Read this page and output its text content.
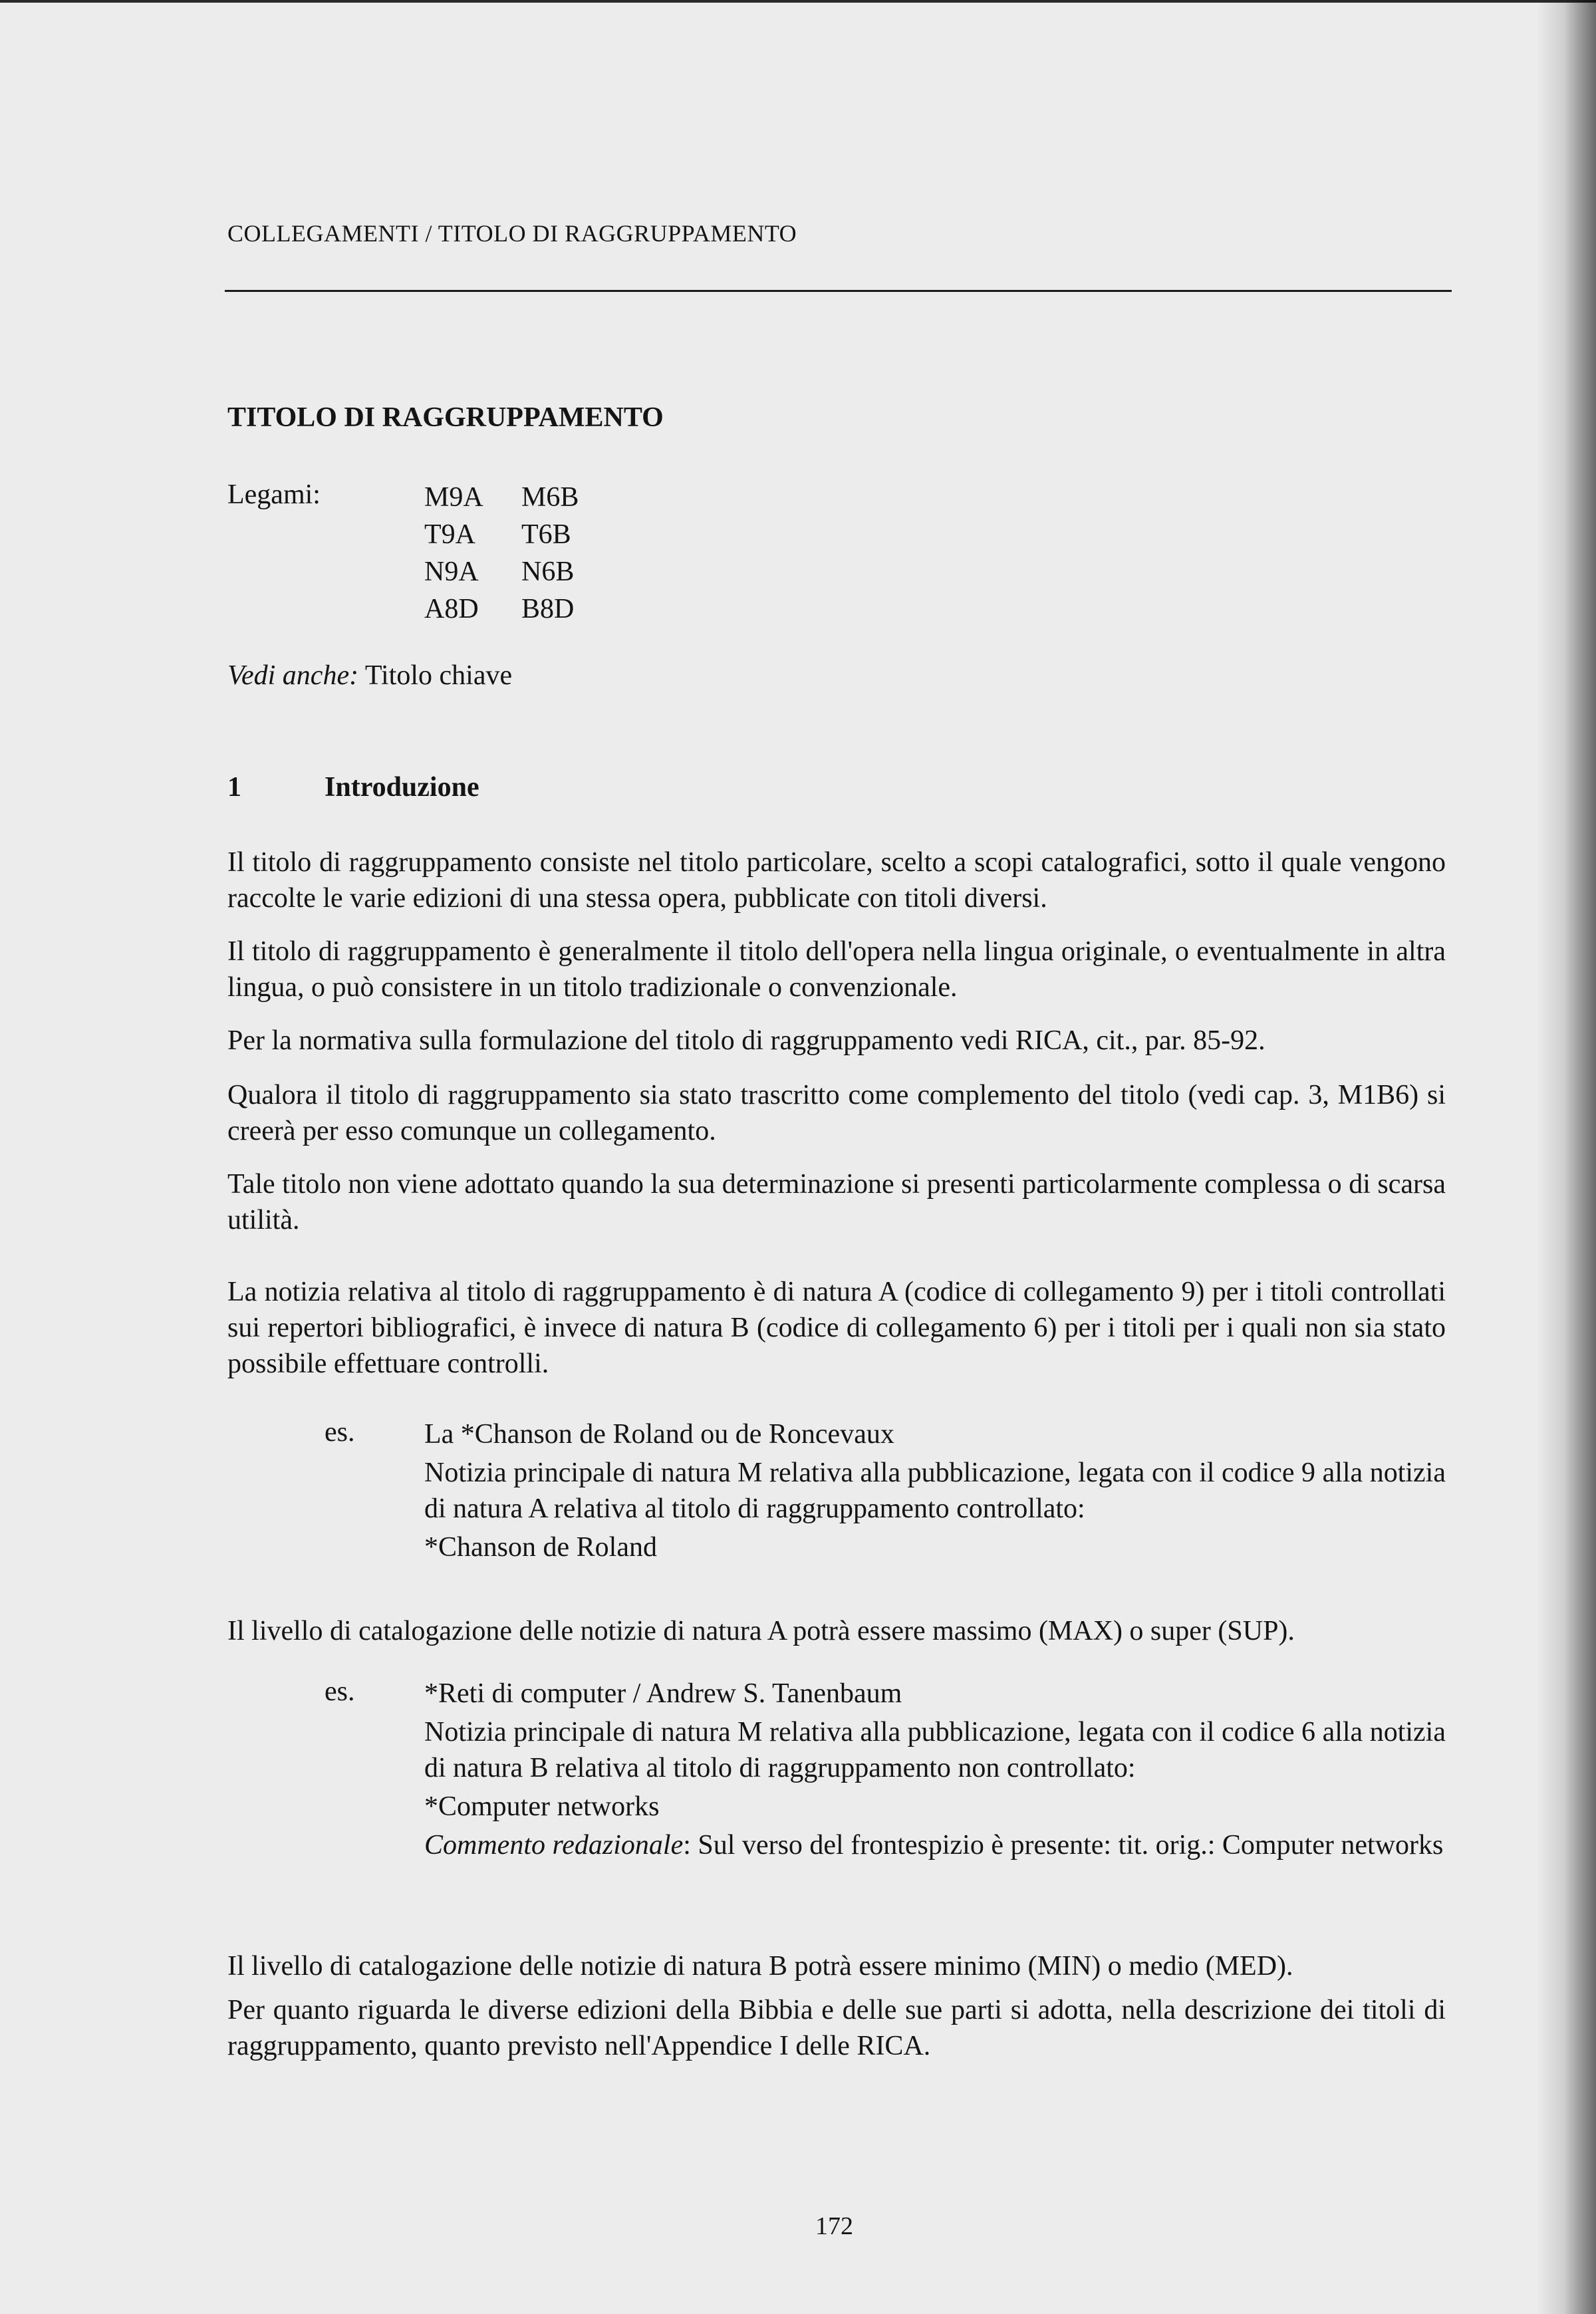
COLLEGAMENTI / TITOLO DI RAGGRUPPAMENTO
TITOLO DI RAGGRUPPAMENTO
Legami:	M9A	M6B
T9A	T6B
N9A	N6B
A8D	B8D
Vedi anche: Titolo chiave
1	Introduzione
Il titolo di raggruppamento consiste nel titolo particolare, scelto a scopi catalografici, sotto il quale vengono raccolte le varie edizioni di una stessa opera, pubblicate con titoli diversi.
Il titolo di raggruppamento è generalmente il titolo dell'opera nella lingua originale, o eventualmente in altra lingua, o può consistere in un titolo tradizionale o convenzionale.
Per la normativa sulla formulazione del titolo di raggruppamento vedi RICA, cit., par. 85-92.
Qualora il titolo di raggruppamento sia stato trascritto come complemento del titolo (vedi cap. 3, M1B6) si creerà per esso comunque un collegamento.
Tale titolo non viene adottato quando la sua determinazione si presenti particolarmente complessa o di scarsa utilità.
La notizia relativa al titolo di raggruppamento è di natura A (codice di collegamento 9) per i titoli controllati sui repertori bibliografici, è invece di natura B (codice di collegamento 6) per i titoli per i quali non sia stato possibile effettuare controlli.
es. La *Chanson de Roland ou de Roncevaux

Notizia principale di natura M relativa alla pubblicazione, legata con il codice 9 alla notizia di natura A relativa al titolo di raggruppamento controllato:

*Chanson de Roland

Il livello di catalogazione delle notizie di natura A potrà essere massimo (MAX) o super (SUP).
es. *Reti di computer / Andrew S. Tanenbaum

Notizia principale di natura M relativa alla pubblicazione, legata con il codice 6 alla notizia di natura B relativa al titolo di raggruppamento non controllato:

*Computer networks

Commento redazionale: Sul verso del frontespizio è presente: tit. orig.: Computer networks

Il livello di catalogazione delle notizie di natura B potrà essere minimo (MIN) o medio (MED).
Per quanto riguarda le diverse edizioni della Bibbia e delle sue parti si adotta, nella descrizione dei titoli di raggruppamento, quanto previsto nell'Appendice I delle RICA.
172
